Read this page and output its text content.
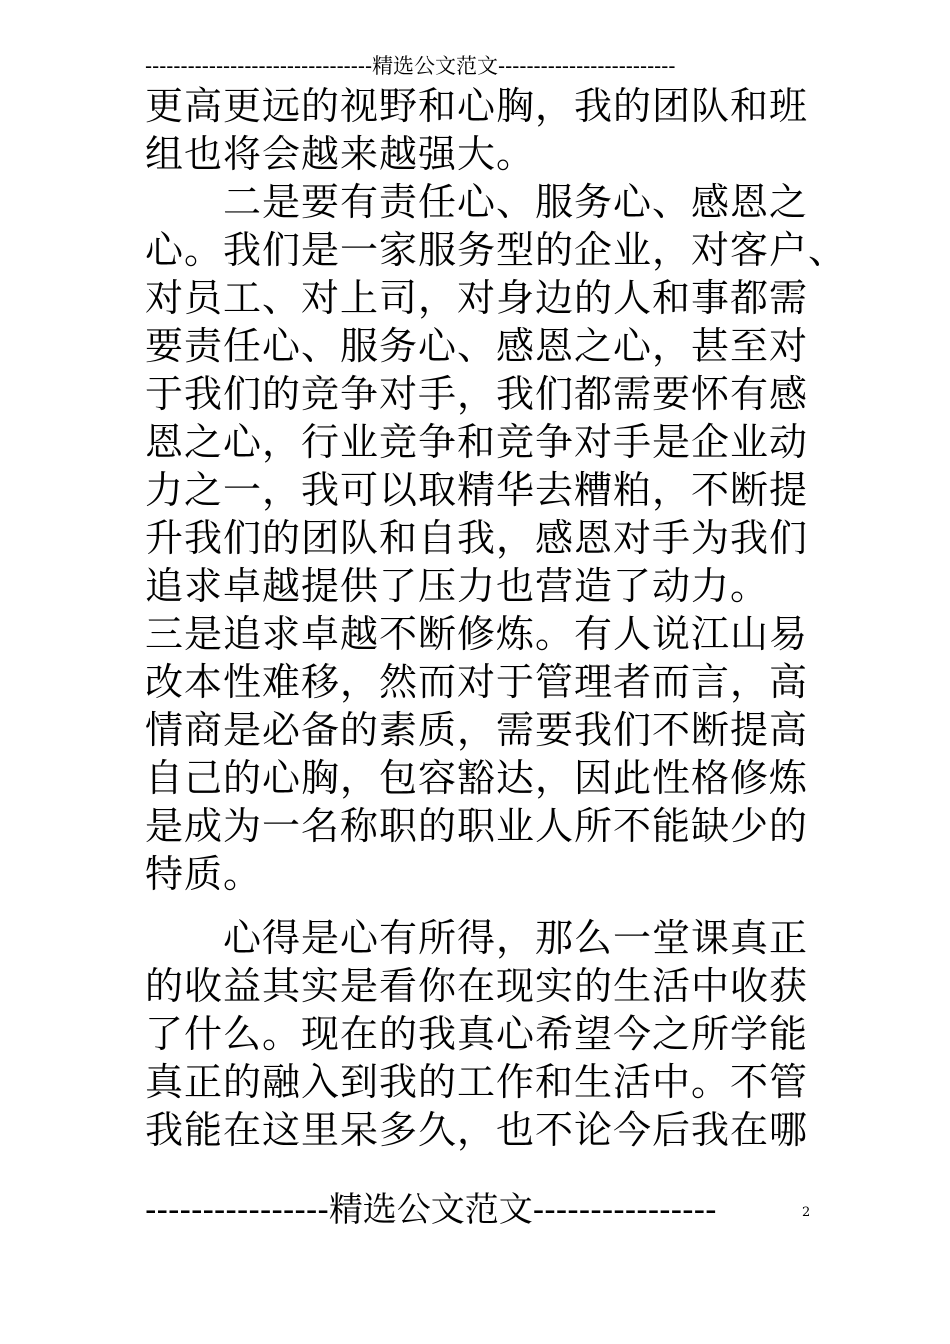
--------------------------------精选公文范文-------------------------
更高更远的视野和心胸，我的团队和班
组也将会越来越强大。
　　二是要有责任心、服务心、感恩之
心。我们是一家服务型的企业，对客户、
对员工、对上司，对身边的人和事都需
要责任心、服务心、感恩之心，甚至对
于我们的竞争对手，我们都需要怀有感
恩之心，行业竞争和竞争对手是企业动
力之一，我可以取精华去糟粕，不断提
升我们的团队和自我，感恩对手为我们
追求卓越提供了压力也营造了动力。
三是追求卓越不断修炼。有人说江山易
改本性难移，然而对于管理者而言，高
情商是必备的素质，需要我们不断提高
自己的心胸，包容豁达，因此性格修炼
是成为一名称职的职业人所不能缺少的
特质。
　　心得是心有所得，那么一堂课真正
的收益其实是看你在现实的生活中收获
了什么。现在的我真心希望今之所学能
真正的融入到我的工作和生活中。不管
我能在这里呆多久，也不论今后我在哪
----------------精选公文范文----------------	2
